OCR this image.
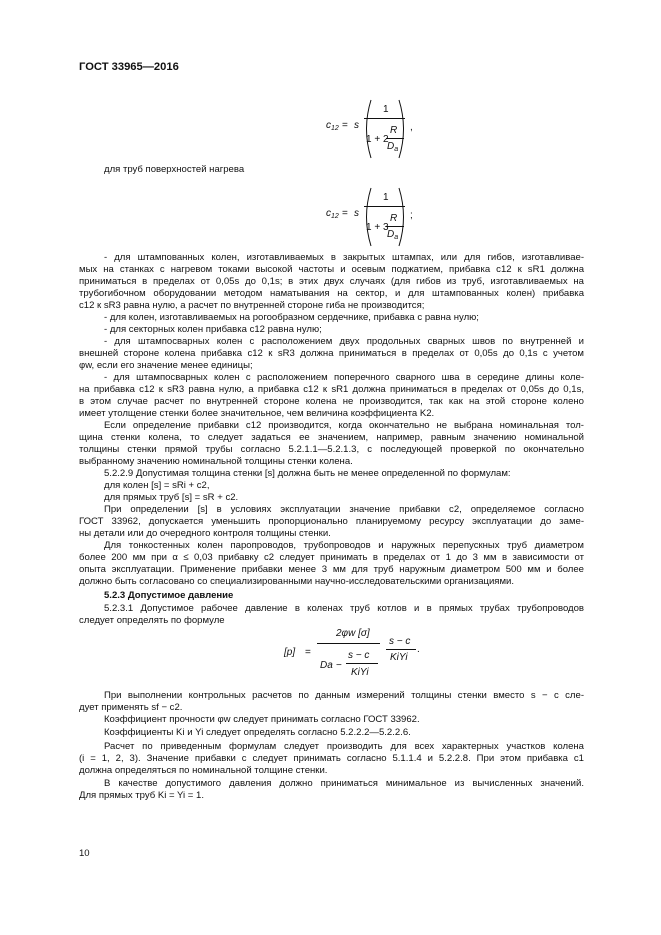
ГОСТ 33965—2016
$c_{12} = s$
1
1 + 2
R
$D_a$
,
для труб поверхностей нагрева
$c_{12} = s$
1
1 + 3
R
$D_a$
;
- для штампованных колен, изготавливаемых в закрытых штампах, или для гибов, изготавливае-
мых на станках с нагревом токами высокой частоты и осевым поджатием, прибавка c12 к sR1 должна
приниматься в пределах от 0,05s до 0,1s; в этих двух случаях (для гибов из труб, изготавливаемых на
трубогибочном оборудовании методом наматывания на сектор, и для штампованных колен) прибавка
c12 к sR3 равна нулю, а расчет по внутренней стороне гиба не производится;
- для колен, изготавливаемых на рогообразном сердечнике, прибавка c равна нулю;
- для секторных колен прибавка c12 равна нулю;
- для штампосварных колен с расположением двух продольных сварных швов по внутренней и
внешней стороне колена прибавка c12 к sR3 должна приниматься в пределах от 0,05s до 0,1s с учетом
φw, если его значение менее единицы;
- для штампосварных колен с расположением поперечного сварного шва в середине длины коле-
на прибавка c12 к sR3 равна нулю, а прибавка c12 к sR1 должна приниматься в пределах от 0,05s до 0,1s,
в этом случае расчет по внутренней стороне колена не производится, так как на этой стороне колено
имеет утолщение стенки более значительное, чем величина коэффициента K2.
Если определение прибавки c12 производится, когда окончательно не выбрана номинальная тол-
щина стенки колена, то следует задаться ее значением, например, равным значению номинальной
толщины стенки прямой трубы согласно 5.2.1.1—5.2.1.3, с последующей проверкой по окончательно
выбранному значению номинальной толщины стенки колена.
5.2.2.9 Допустимая толщина стенки [s] должна быть не менее определенной по формулам:
для колен [s] = sRi + c2,
для прямых труб [s] = sR + c2.
При определении [s] в условиях эксплуатации значение прибавки c2, определяемое согласно
ГОСТ 33962, допускается уменьшить пропорционально планируемому ресурсу эксплуатации до заме-
ны детали или до очередного контроля толщины стенки.
Для тонкостенных колен паропроводов, трубопроводов и наружных перепускных труб диаметром
более 200 мм при α ≤ 0,03 прибавку c2 следует принимать в пределах от 1 до 3 мм в зависимости от
опыта эксплуатации. Применение прибавки менее 3 мм для труб наружным диаметром 500 мм и более
должно быть согласовано со специализированными научно-исследовательскими организациями.
5.2.3 Допустимое давление
5.2.3.1 Допустимое рабочее давление в коленах труб котлов и в прямых трубах трубопроводов
следует определять по формуле
[p] =
2φw [σ]
Da −
s − c
KiYi
s − c
KiYi
.
При выполнении контрольных расчетов по данным измерений толщины стенки вместо s − c сле-
дует применять sf − c2.
Коэффициент прочности φw следует принимать согласно ГОСТ 33962.
Коэффициенты Ki и Yi следует определять согласно 5.2.2.2—5.2.2.6.
Расчет по приведенным формулам следует производить для всех характерных участков колена
(i = 1, 2, 3). Значение прибавки c следует принимать согласно 5.1.1.4 и 5.2.2.8. При этом прибавка c1
должна определяться по номинальной толщине стенки.
В качестве допустимого давления должно приниматься минимальное из вычисленных значений.
Для прямых труб Ki = Yi = 1.
10
